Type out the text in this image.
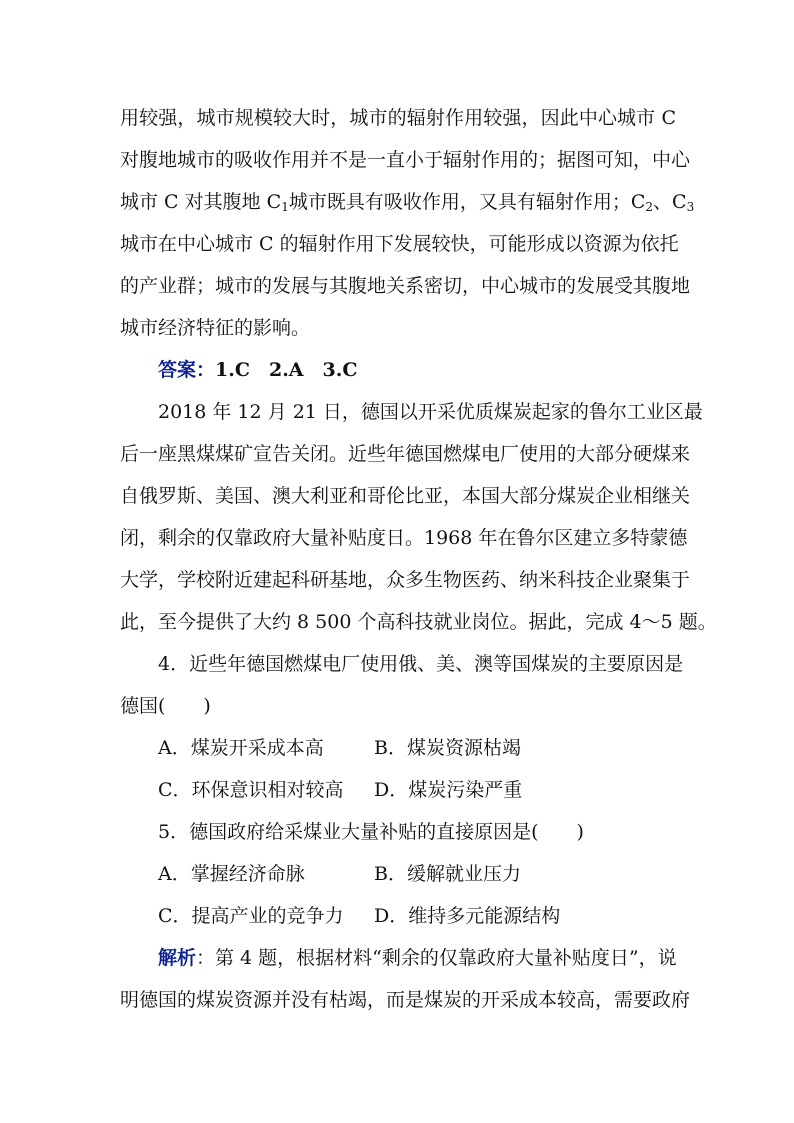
用较强，城市规模较大时，城市的辐射作用较强，因此中心城市 C
对腹地城市的吸收作用并不是一直小于辐射作用的；据图可知，中心
城市 C 对其腹地 $C_1$城市既具有吸收作用，又具有辐射作用；$C_2$、$C_3$
城市在中心城市 C 的辐射作用下发展较快，可能形成以资源为依托
的产业群；城市的发展与其腹地关系密切，中心城市的发展受其腹地
城市经济特征的影响。
答案：1.C　2.A　3.C
2018 年 12 月 21 日，德国以开采优质煤炭起家的鲁尔工业区最
后一座黑煤煤矿宣告关闭。近些年德国燃煤电厂使用的大部分硬煤来
自俄罗斯、美国、澳大利亚和哥伦比亚，本国大部分煤炭企业相继关
闭，剩余的仅靠政府大量补贴度日。1968 年在鲁尔区建立多特蒙德
大学，学校附近建起科研基地，众多生物医药、纳米科技企业聚集于
此，至今提供了大约 8 500 个高科技就业岗位。据此，完成 4～5 题。
4．近些年德国燃煤电厂使用俄、美、澳等国煤炭的主要原因是
德国(　　)
A．煤炭开采成本高	B．煤炭资源枯竭
C．环保意识相对较高 D．煤炭污染严重
5．德国政府给采煤业大量补贴的直接原因是(　　)
A．掌握经济命脉	B．缓解就业压力
C．提高产业的竞争力 D．维持多元能源结构
解析：第 4 题，根据材料“剩余的仅靠政府大量补贴度日”，说
明德国的煤炭资源并没有枯竭，而是煤炭的开采成本较高，需要政府
